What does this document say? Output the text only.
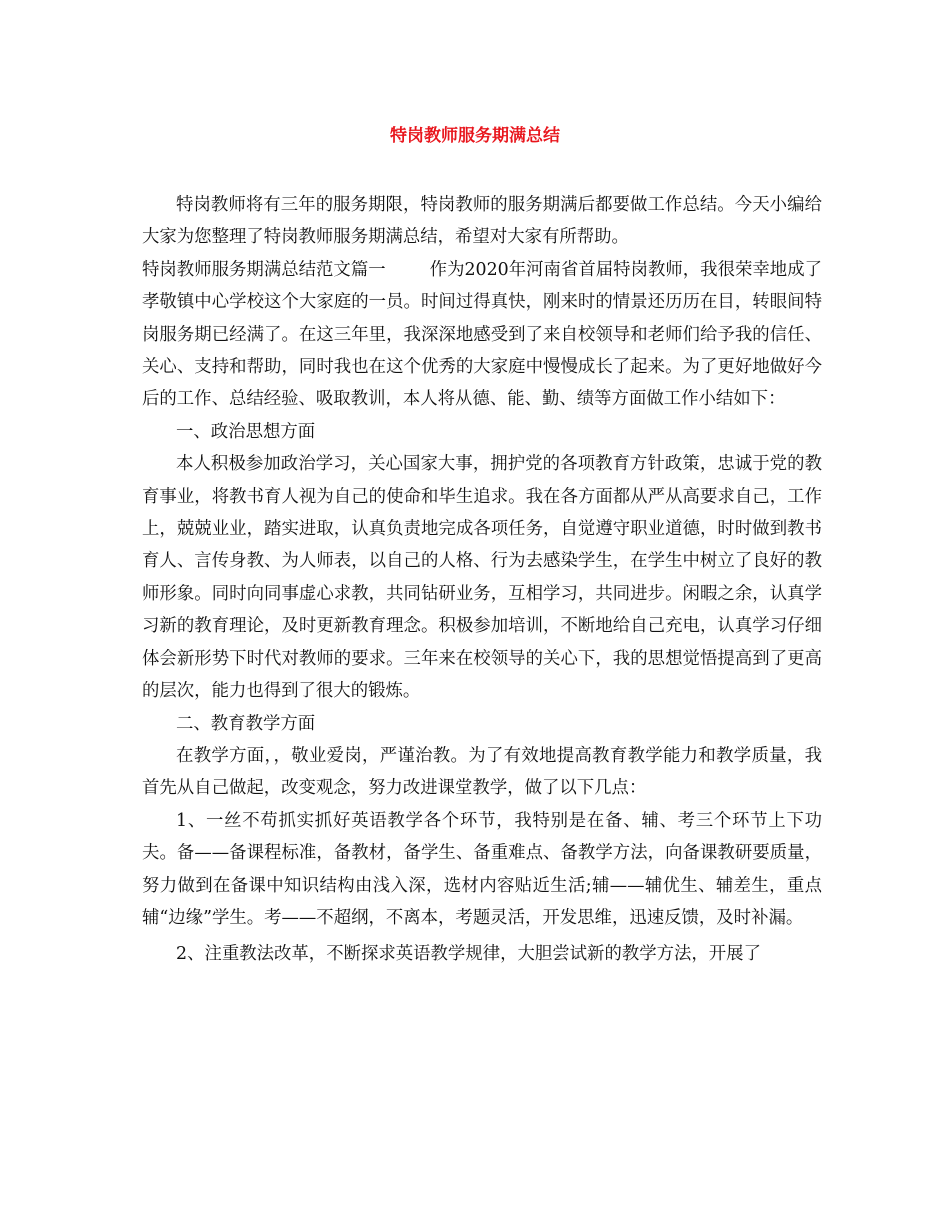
特岗教师服务期满总结

特岗教师将有三年的服务期限，特岗教师的服务期满后都要做工作总结。今天小编给大家为您整理了特岗教师服务期满总结，希望对大家有所帮助。

特岗教师服务期满总结范文篇一	作为2020年河南省首届特岗教师，我很荣幸地成了孝敬镇中心学校这个大家庭的一员。时间过得真快，刚来时的情景还历历在目，转眼间特岗服务期已经满了。在这三年里，我深深地感受到了来自校领导和老师们给予我的信任、关心、支持和帮助，同时我也在这个优秀的大家庭中慢慢成长了起来。为了更好地做好今后的工作、总结经验、吸取教训，本人将从德、能、勤、绩等方面做工作小结如下：

一、政治思想方面

本人积极参加政治学习，关心国家大事，拥护党的各项教育方针政策，忠诚于党的教育事业，将教书育人视为自己的使命和毕生追求。我在各方面都从严从高要求自己，工作上，兢兢业业，踏实进取，认真负责地完成各项任务，自觉遵守职业道德，时时做到教书育人、言传身教、为人师表，以自己的人格、行为去感染学生，在学生中树立了良好的教师形象。同时向同事虚心求教，共同钻研业务，互相学习，共同进步。闲暇之余，认真学习新的教育理论，及时更新教育理念。积极参加培训，不断地给自己充电，认真学习仔细体会新形势下时代对教师的要求。三年来在校领导的关心下，我的思想觉悟提高到了更高的层次，能力也得到了很大的锻炼。

二、教育教学方面

在教学方面，，敬业爱岗，严谨治教。为了有效地提高教育教学能力和教学质量，我首先从自己做起，改变观念，努力改进课堂教学，做了以下几点：

1、一丝不苟抓实抓好英语教学各个环节，我特别是在备、辅、考三个环节上下功夫。备——备课程标准，备教材，备学生、备重难点、备教学方法，向备课教研要质量，努力做到在备课中知识结构由浅入深，选材内容贴近生活;辅——辅优生、辅差生，重点辅“边缘”学生。考——不超纲，不离本，考题灵活，开发思维，迅速反馈，及时补漏。

2、注重教法改革，不断探求英语教学规律，大胆尝试新的教学方法，开展了
